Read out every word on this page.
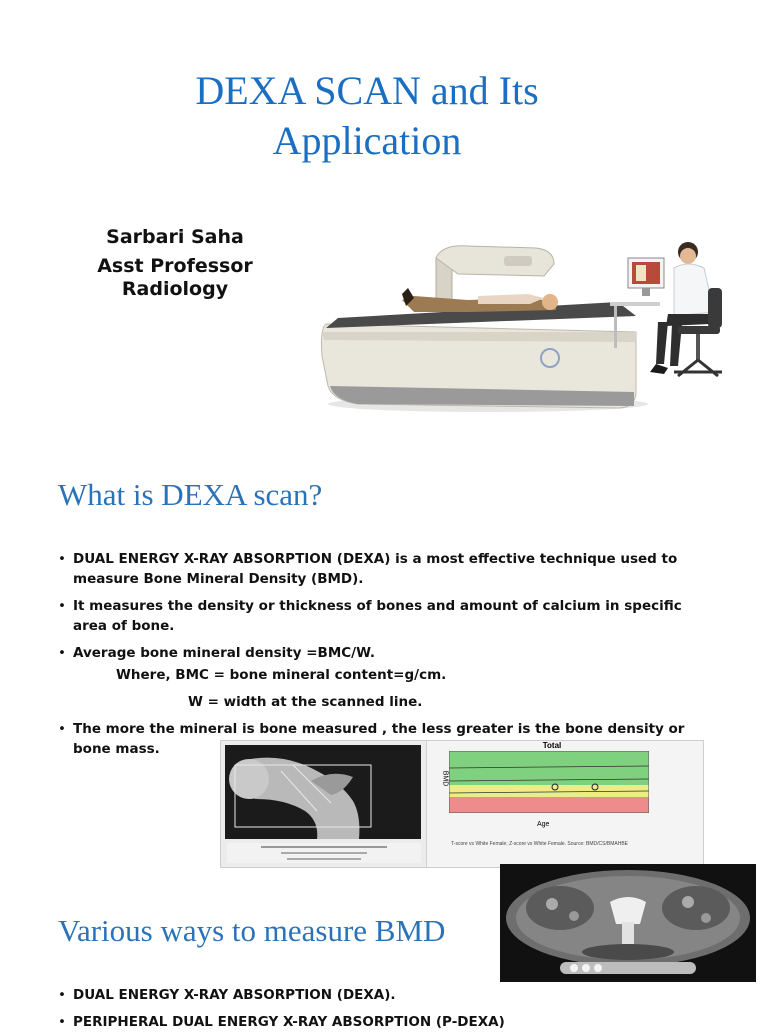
DEXA SCAN and Its
Application
Sarbari Saha
Asst Professor
Radiology
What is DEXA scan?
• DUAL ENERGY X-RAY ABSORPTION (DEXA) is a most effective technique used to measure Bone Mineral Density (BMD).
• It measures the density or thickness of bones and amount of calcium in specific area of bone.
• Average bone mineral density =BMC/W.
Where, BMC = bone mineral content=g/cm.
W = width at the scanned line.
• The more the mineral is bone measured , the less greater is the bone density or bone mass.	Total
BMD
Age
T-score vs White Female; Z-score vs White Female. Source: BMD/CS/BMAHBE
Various ways to measure BMD
• DUAL ENERGY X-RAY ABSORPTION (DEXA).
• PERIPHERAL DUAL ENERGY X-RAY ABSORPTION (P-DEXA)
